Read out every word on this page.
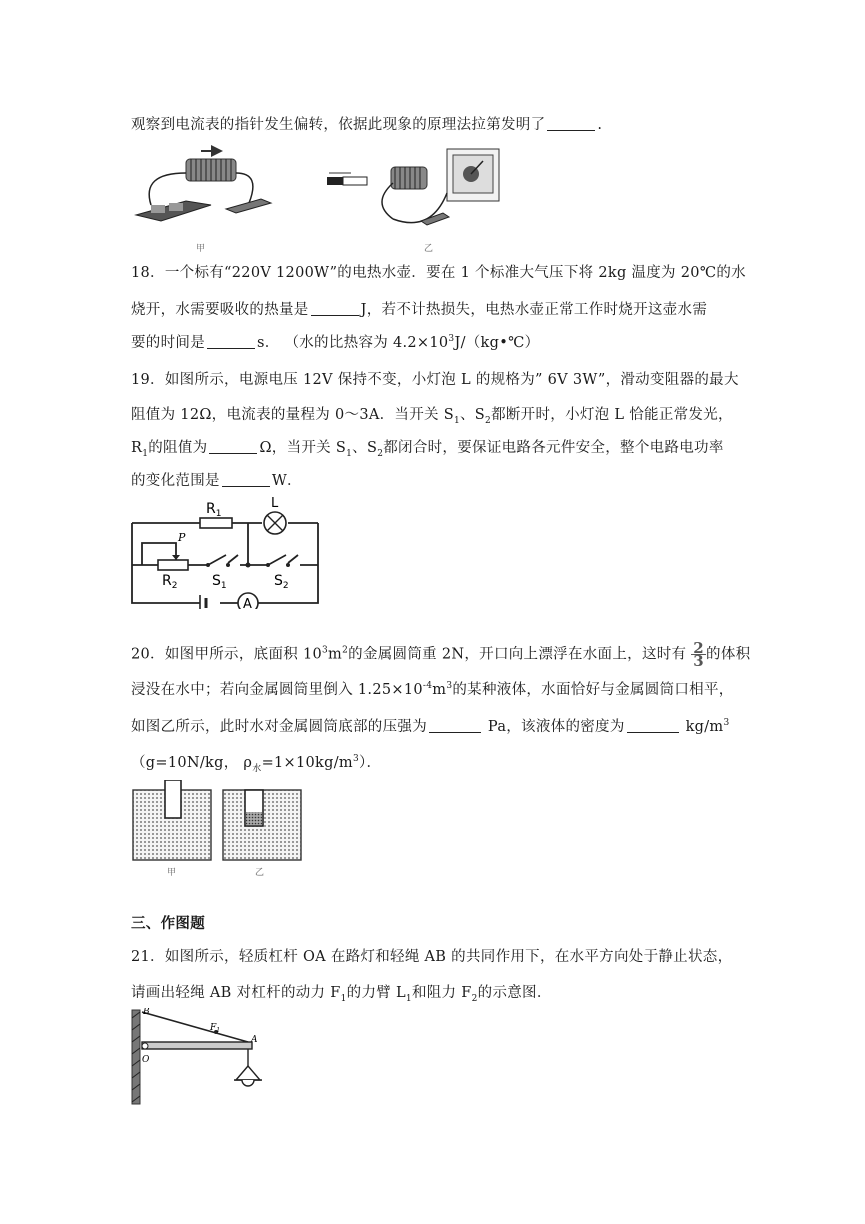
观察到电流表的指针发生偏转，依据此现象的原理法拉第发明了	.
甲	乙
18．一个标有“220V 1200W”的电热水壶．要在 1 个标准大气压下将 2kg 温度为 20℃的水
烧开，水需要吸收的热量是	J，若不计热损失，电热水壶正常工作时烧开这壶水需
要的时间是	s． （水的比热容为 $4.2\times 10^3J/(kg•℃)$
19．如图所示，电源电压 12V 保持不变，小灯泡 L 的规格为” 6V 3W”，滑动变阻器的最大
阻值为 12Ω，电流表的量程为 0～3A．当开关 $S_1$、$S_2$都断开时，小灯泡 L 恰能正常发光，
$R_1$的阻值为	Ω，当开关 $S_1$、$S_2$都闭合时，要保证电路各元件安全，整个电路电功率
的变化范围是	W．
$R_1$
L
P
$R_2$ $S_1$	$S_2$
A
20．如图甲所示，底面积 $10^3m^2$的金属圆筒重 2N，开口向上漂浮在水面上，这时有 $\frac{2}{3}$的体积
浸没在水中；若向金属圆筒里倒入 $1.25\times 10^{-4}m^3$的某种液体，水面恰好与金属圆筒口相平，
如图乙所示，此时水对金属圆筒底部的压强为	Pa，该液体的密度为	$kg/m^3$
（g=10N/kg， $\rho_水=1\times 10kg/m^3$）．
甲	乙
三、作图题
21．如图所示，轻质杠杆 OA 在路灯和轻绳 AB 的共同作用下，在水平方向处于静止状态，
请画出轻绳 AB 对杠杆的动力 $F_1$的力臂 $L_1$和阻力 $F_2$的示意图．
B
O
A
$F_1$
